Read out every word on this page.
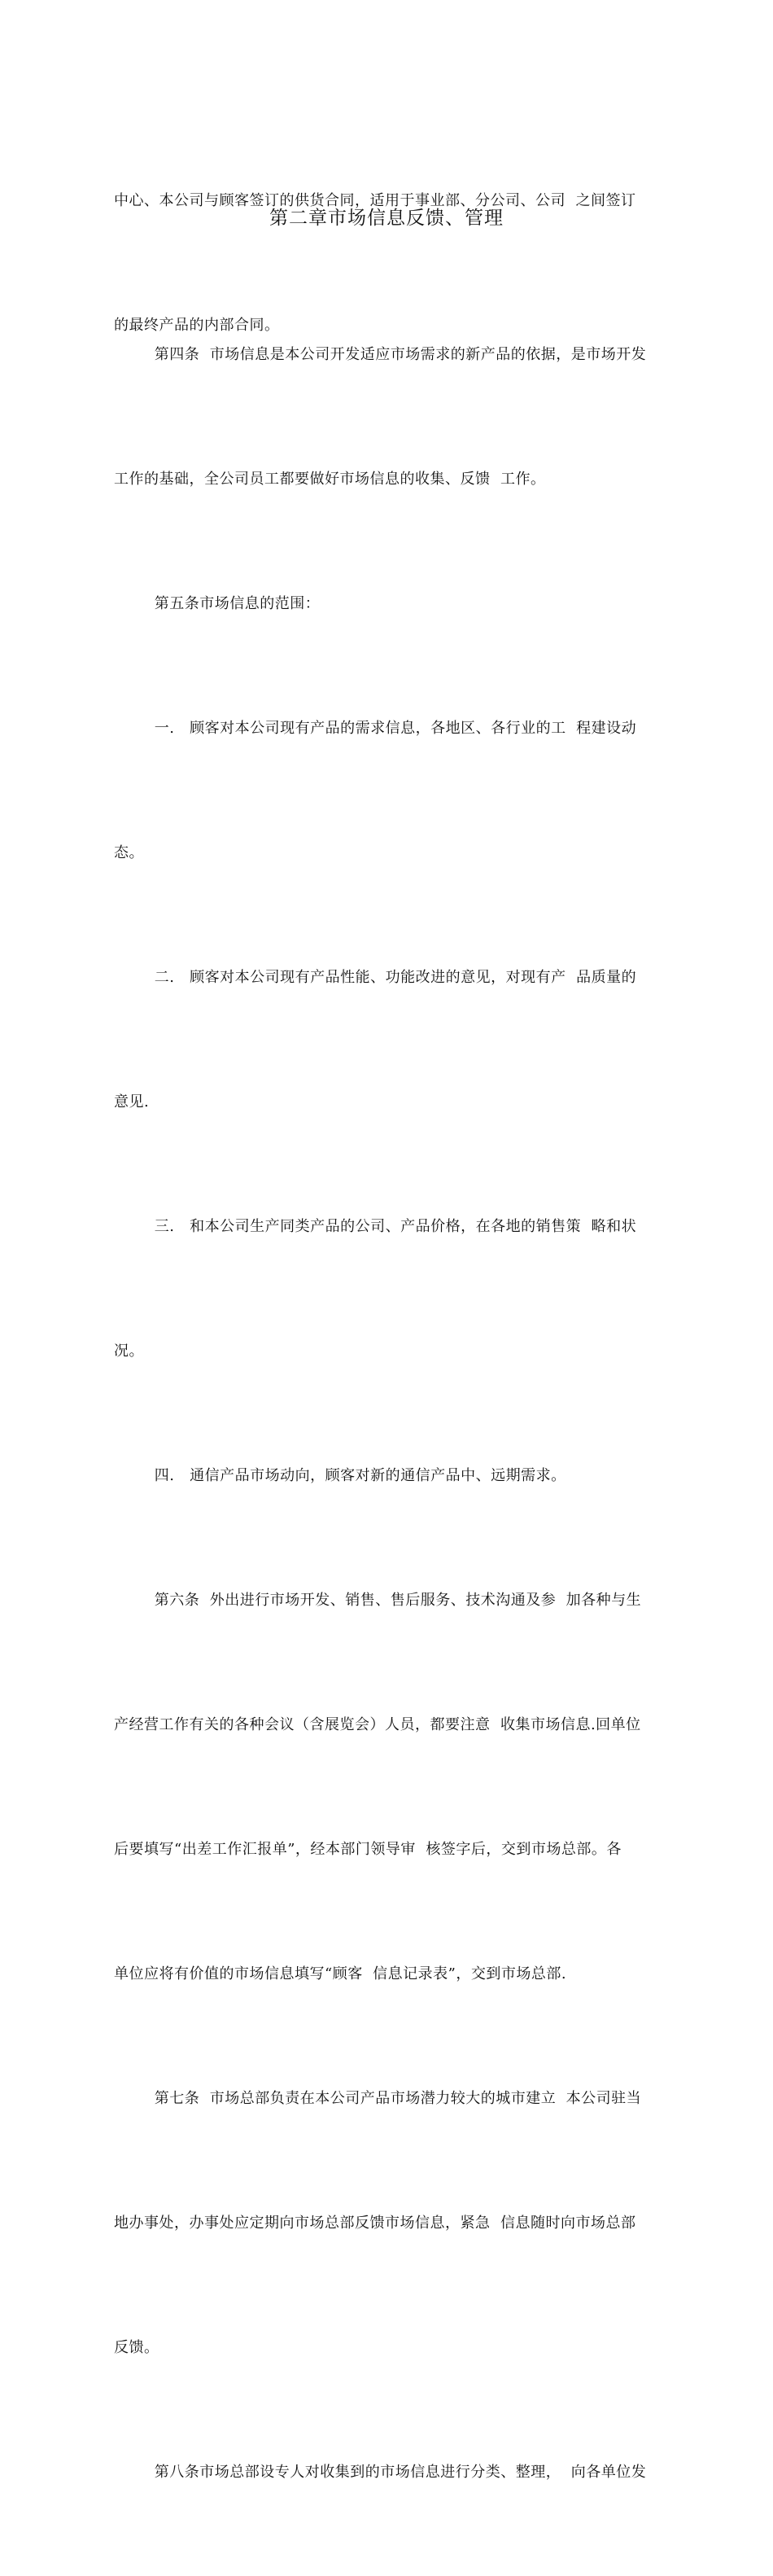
中心、本公司与顾客签订的供货合同，适用于事业部、分公司、公司  之间签订

的最终产品的内部合同。

第二章市场信息反馈、管理

第四条  市场信息是本公司开发适应市场需求的新产品的依据，是市场开发

工作的基础，全公司员工都要做好市场信息的收集、反馈  工作。

第五条市场信息的范围：

一.   顾客对本公司现有产品的需求信息，各地区、各行业的工  程建设动

态。

二.   顾客对本公司现有产品性能、功能改进的意见，对现有产  品质量的

意见.

三.   和本公司生产同类产品的公司、产品价格，在各地的销售策  略和状

况。

四.   通信产品市场动向，顾客对新的通信产品中、远期需求。

第六条  外出进行市场开发、销售、售后服务、技术沟通及参  加各种与生

产经营工作有关的各种会议（含展览会）人员，都要注意  收集市场信息.回单位

后要填写“出差工作汇报单”，经本部门领导审  核签字后，交到市场总部。各

单位应将有价值的市场信息填写“顾客  信息记录表”，交到市场总部.

第七条  市场总部负责在本公司产品市场潜力较大的城市建立  本公司驻当

地办事处，办事处应定期向市场总部反馈市场信息，紧急  信息随时向市场总部

反馈。

第八条市场总部设专人对收集到的市场信息进行分类、整理，  向各单位发
